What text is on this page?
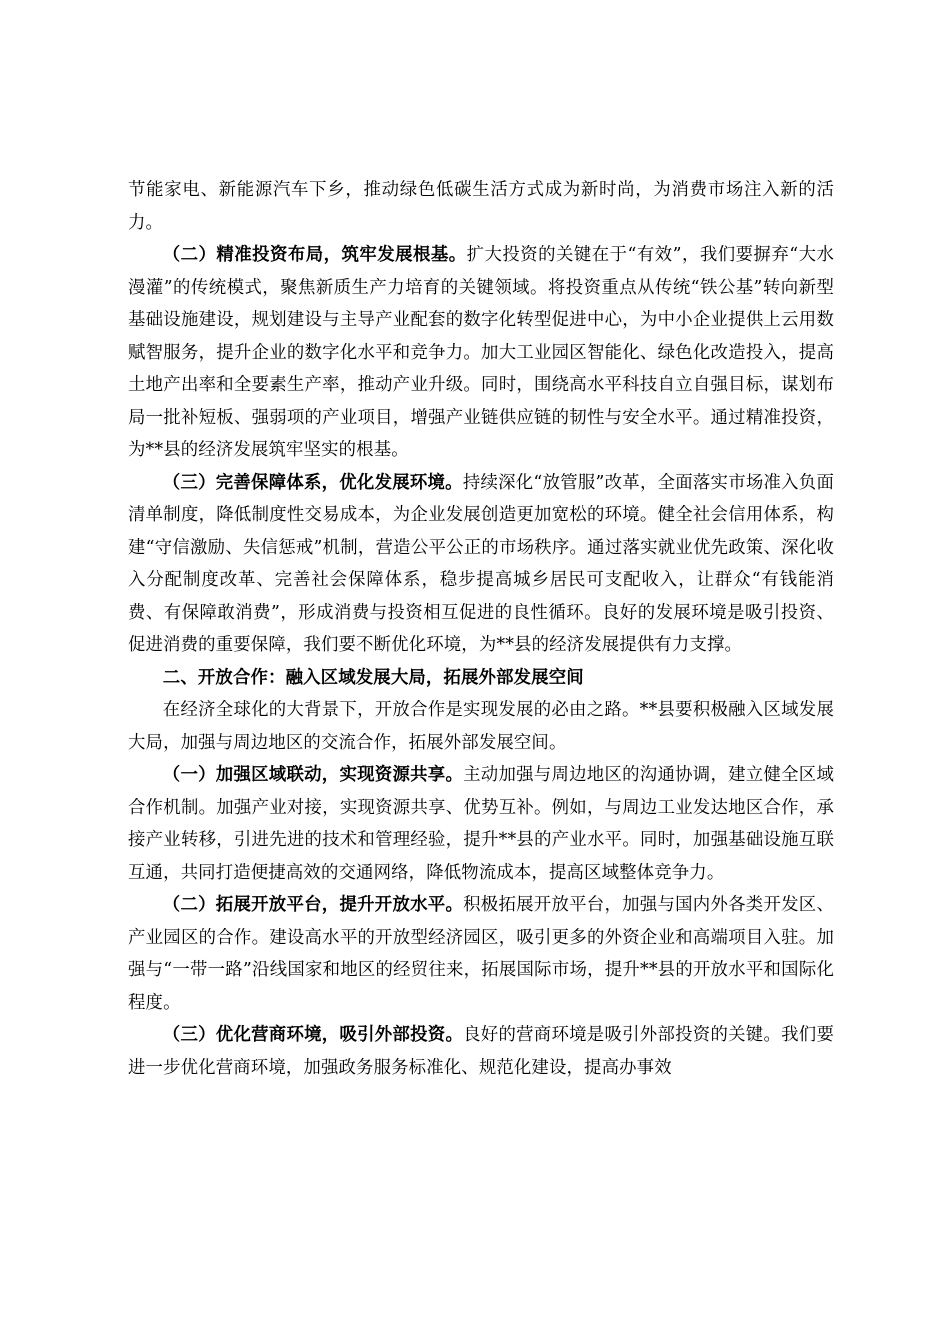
节能家电、新能源汽车下乡，推动绿色低碳生活方式成为新时尚，为消费市场注入新的活力。

（二）精准投资布局，筑牢发展根基。扩大投资的关键在于“有效”，我们要摒弃“大水漫灌”的传统模式，聚焦新质生产力培育的关键领域。将投资重点从传统“铁公基”转向新型基础设施建设，规划建设与主导产业配套的数字化转型促进中心，为中小企业提供上云用数赋智服务，提升企业的数字化水平和竞争力。加大工业园区智能化、绿色化改造投入，提高土地产出率和全要素生产率，推动产业升级。同时，围绕高水平科技自立自强目标，谋划布局一批补短板、强弱项的产业项目，增强产业链供应链的韧性与安全水平。通过精准投资，为**县的经济发展筑牢坚实的根基。

（三）完善保障体系，优化发展环境。持续深化“放管服”改革，全面落实市场准入负面清单制度，降低制度性交易成本，为企业发展创造更加宽松的环境。健全社会信用体系，构建“守信激励、失信惩戒”机制，营造公平公正的市场秩序。通过落实就业优先政策、深化收入分配制度改革、完善社会保障体系，稳步提高城乡居民可支配收入，让群众“有钱能消费、有保障敢消费”，形成消费与投资相互促进的良性循环。良好的发展环境是吸引投资、促进消费的重要保障，我们要不断优化环境，为**县的经济发展提供有力支撑。

二、开放合作：融入区域发展大局，拓展外部发展空间

在经济全球化的大背景下，开放合作是实现发展的必由之路。**县要积极融入区域发展大局，加强与周边地区的交流合作，拓展外部发展空间。

（一）加强区域联动，实现资源共享。主动加强与周边地区的沟通协调，建立健全区域合作机制。加强产业对接，实现资源共享、优势互补。例如，与周边工业发达地区合作，承接产业转移，引进先进的技术和管理经验，提升**县的产业水平。同时，加强基础设施互联互通，共同打造便捷高效的交通网络，降低物流成本，提高区域整体竞争力。

（二）拓展开放平台，提升开放水平。积极拓展开放平台，加强与国内外各类开发区、产业园区的合作。建设高水平的开放型经济园区，吸引更多的外资企业和高端项目入驻。加强与“一带一路”沿线国家和地区的经贸往来，拓展国际市场，提升**县的开放水平和国际化程度。

（三）优化营商环境，吸引外部投资。良好的营商环境是吸引外部投资的关键。我们要进一步优化营商环境，加强政务服务标准化、规范化建设，提高办事效
